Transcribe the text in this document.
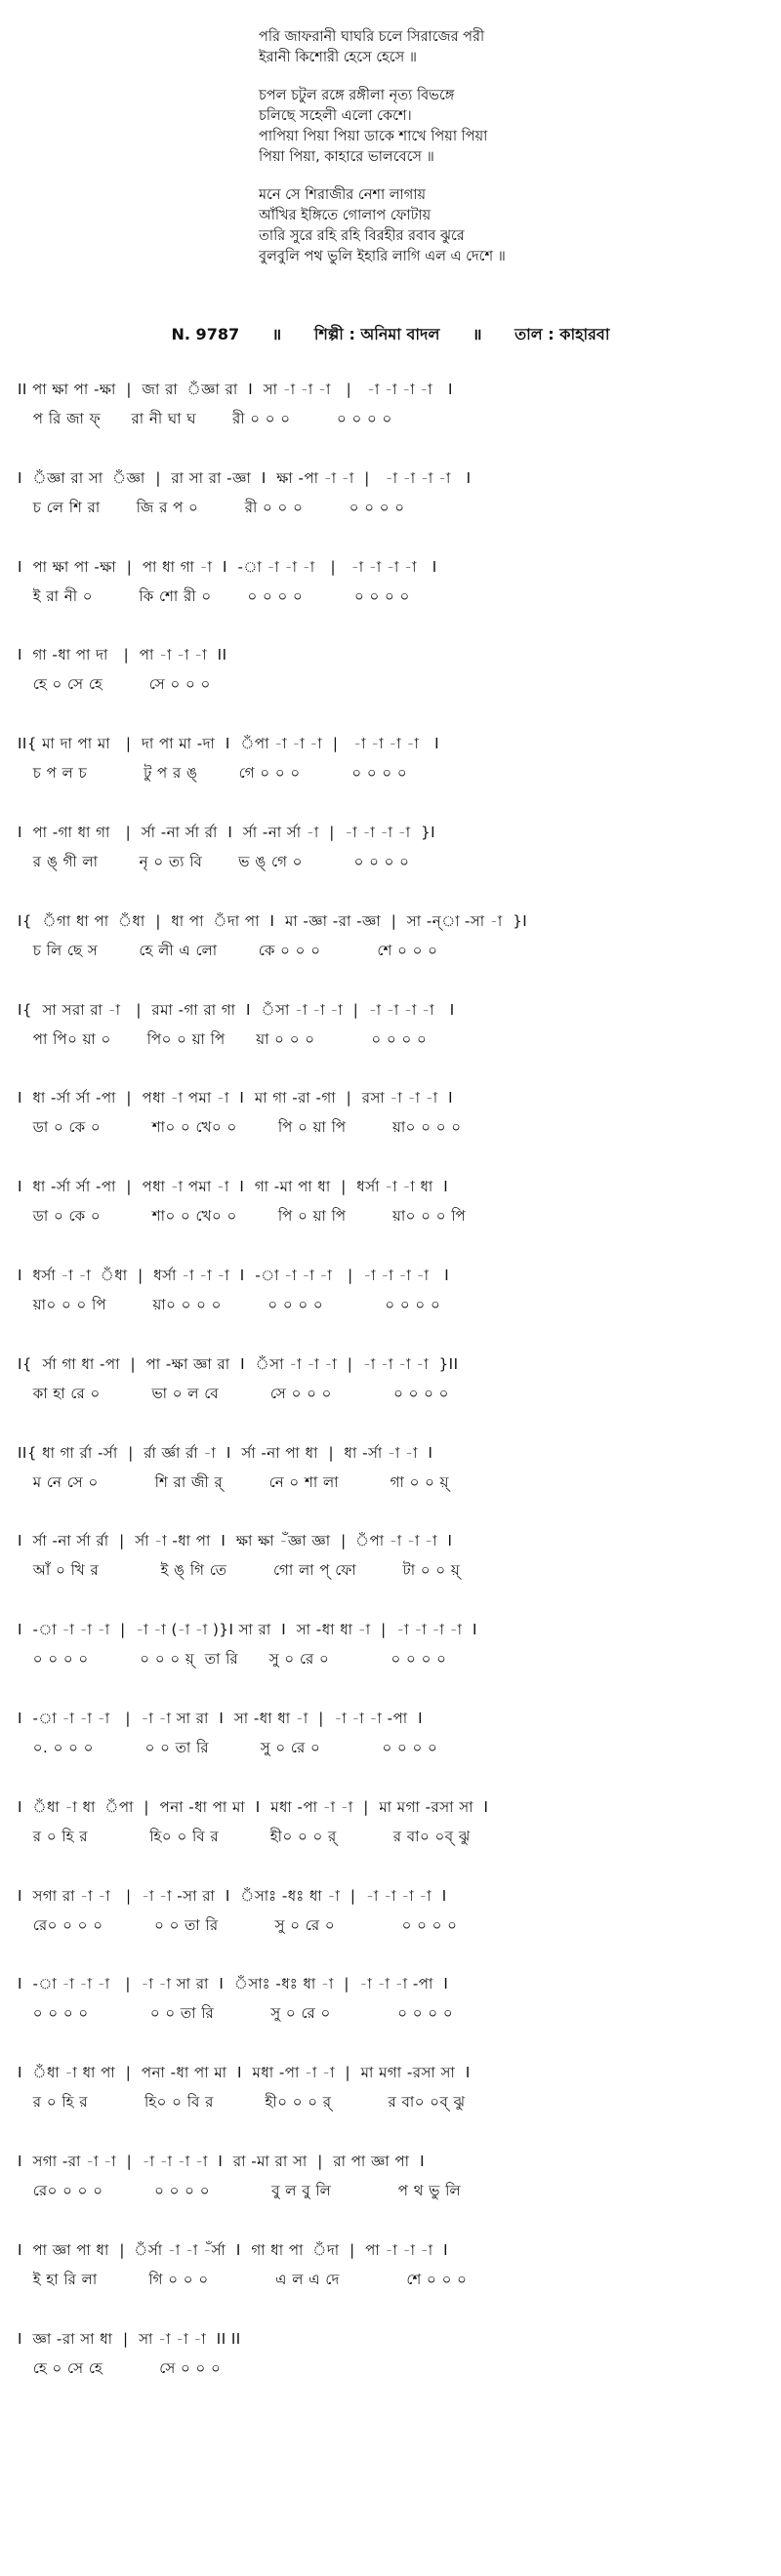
পরি জাফরানী ঘাঘরি চলে সিরাজের পরী
ইরানী কিশোরী হেসে হেসে ॥
চপল চটুল রঙ্গে রঙ্গীলা নৃত্য বিভঙ্গে
চলিছে সহেলী এলো কেশে।
পাপিয়া পিয়া পিয়া ডাকে শাখে পিয়া পিয়া
পিয়া পিয়া, কাহারে ভালবেসে ॥
মনে সে শিরাজীর নেশা লাগায়
আঁখির ইঙ্গিতে গোলাপ ফোটায়
তারি সুরে রহি রহি বিরহীর রবাব ঝুরে
বুলবুলি পথ ভুলি ইহারি লাগি এল এ দেশে ॥
N. 9787 ॥ শিল্পী : অনিমা বাদল ॥ তাল : কাহারবা
II পা ক্ষা পা -ক্ষা  |  জা রা  ঁজ্ঞা রা  I  সা -া -া -া   |   -া -া -া -া   I
প রি জা ফ্      রা নী ঘা ঘ       রী ০ ০ ০         ০ ০ ০ ০
I  ঁজ্ঞা রা সা  ঁজ্ঞা  |  রা সা রা -জ্ঞা  I  ক্ষা -পা -া -া  |   -া -া -া -া   I
চ লে শি রা       জি র প ০         রী ০ ০ ০         ০ ০ ০ ০
I  পা ক্ষা পা -ক্ষা  |  পা ধা গা -া  I  -া -া -া -া   |   -া -া -া -া   I
ই রা নী ০         কি শো রী ০       ০ ০ ০ ০          ০ ০ ০ ০
I  গা -ধা পা দা   |  পা -া -া -া  II
হে ০ সে হে         সে ০ ০ ০
II{ মা দা পা মা   |  দা পা মা -দা  I  ঁপা -া -া -া  |   -া -া -া -া   I
চ প ল চ           টু প র ঙ্        গে ০ ০ ০          ০ ০ ০ ০
I  পা -গা ধা গা   |  র্সা -না র্সা র্রা  I  র্সা -না র্সা -া  |  -া -া -া -া  }I
র ঙ্ গী লা        নৃ ০ ত্য বি       ভ ঙ্ গে ০          ০ ০ ০ ০
I{  ঁগা ধা পা  ঁধা  |  ধা পা  ঁদা পা  I  মা -জ্ঞা -রা -জ্ঞা  |  সা -ন্‌া -সা -া  }I
চ লি ছে স        হে লী এ লো        কে ০ ০ ০           শে ০ ০ ০
I{  সা সরা রা -া   |  রমা -গা রা গা  I  ঁসা -া -া -া  |  -া -া -া -া   I
পা পি০ য়া ০       পি০ ০ য়া পি      য়া ০ ০ ০           ০ ০ ০ ০
I  ধা -র্সা র্সা -পা  |  পধা -া পমা -া  I  মা গা -রা -গা  |  রসা -া -া -া  I
ডা ০ কে ০          শা০ ০ খে০ ০        পি ০ য়া পি         য়া০ ০ ০ ০
I  ধা -র্সা র্সা -পা  |  পধা -া পমা -া  I  গা -মা পা ধা  |  ধর্সা -া -া ধা  I
ডা ০ কে ০          শা০ ০ খে০ ০        পি ০ য়া পি         য়া০ ০ ০ পি
I  ধর্সা -া -া  ঁধা  |  ধর্সা -া -া -া  I  -া -া -া -া   |  -া -া -া -া   I
য়া০ ০ ০ পি         য়া০ ০ ০ ০         ০ ০ ০ ০            ০ ০ ০ ০
I{  র্সা গা ধা -পা  |  পা -ক্ষা জ্ঞা রা  I  ঁসা -া -া -া  |  -া -া -া -া  }II
কা হা রে ০          ভা ০ ল বে          সে ০ ০ ০            ০ ০ ০ ০
II{ ধা গা র্রা -র্সা  |  র্রা র্জ্ঞা র্রা -া  I  র্সা -না পা ধা  |  ধা -র্সা -া -া  I
ম নে সে ০           শি রা জী র্         নে ০ শা লা          গা ০ ০ য়্
I  র্সা -না র্সা র্রা  |  র্সা -া -ধা পা  I  ক্ষা ক্ষা -ঁজ্ঞা জ্ঞা  |  ঁপা -া -া -া  I
আঁ ০ খি র            ই ঙ্ গি তে         গো লা প্ ফো         টা ০ ০ য়্
I  -া -া -া -া  |  -া -া (-া -া )}I সা রা  I  সা -ধা ধা -া  |  -া -া -া -া  I
০ ০ ০ ০          ০ ০ ০ য়্  তা রি      সু ০ রে ০            ০ ০ ০ ০
I  -া -া -া -া   |  -া -া সা রা  I  সা -ধা ধা -া  |  -া -া -া -পা  I
০. ০ ০ ০          ০ ০ তা রি          সু ০ রে ০            ০ ০ ০ ০
I  ঁধা -া ধা  ঁপা  |  পনা -ধা পা মা  I  মধা -পা -া -া  |  মা মগা -রসা সা  I
র ০ হি র            হি০ ০ বি র          হী০ ০ ০ র্           র বা০ ০ব্ ঝু
I  সগা রা -া -া   |  -া -া -সা রা  I  ঁসাঃ -ধঃ ধা -া  |  -া -া -া -া  I
রে০ ০ ০ ০          ০ ০ তা রি           সু ০ রে ০             ০ ০ ০ ০
I  -া -া -া -া   |  -া -া সা রা  I  ঁসাঃ -ধঃ ধা -া  |  -া -া -া -পা  I
০ ০ ০ ০            ০ ০ তা রি           সু ০ রে ০             ০ ০ ০ ০
I  ঁধা -া ধা পা  |  পনা -ধা পা মা  I  মধা -পা -া -া  |  মা মগা -রসা সা  I
র ০ হি র           হি০ ০ বি র          হী০ ০ ০ র্           র বা০ ০ব্ ঝু
I  সগা -রা -া -া  |  -া -া -া -া  I  রা -মা রা সা  |  রা পা জ্ঞা পা  I
রে০ ০ ০ ০          ০ ০ ০ ০            বু ল বু লি             প থ ভু লি
I  পা জ্ঞা পা ধা  |  ঁর্সা -া -া -ঁর্সা  I  গা ধা পা  ঁদা  |  পা -া -া -া  I
ই হা রি লা          গি ০ ০ ০             এ ল এ দে             শে ০ ০ ০
I  জ্ঞা -রা সা ধা  |  সা -া -া -া  II II
হে ০ সে হে           সে ০ ০ ০
